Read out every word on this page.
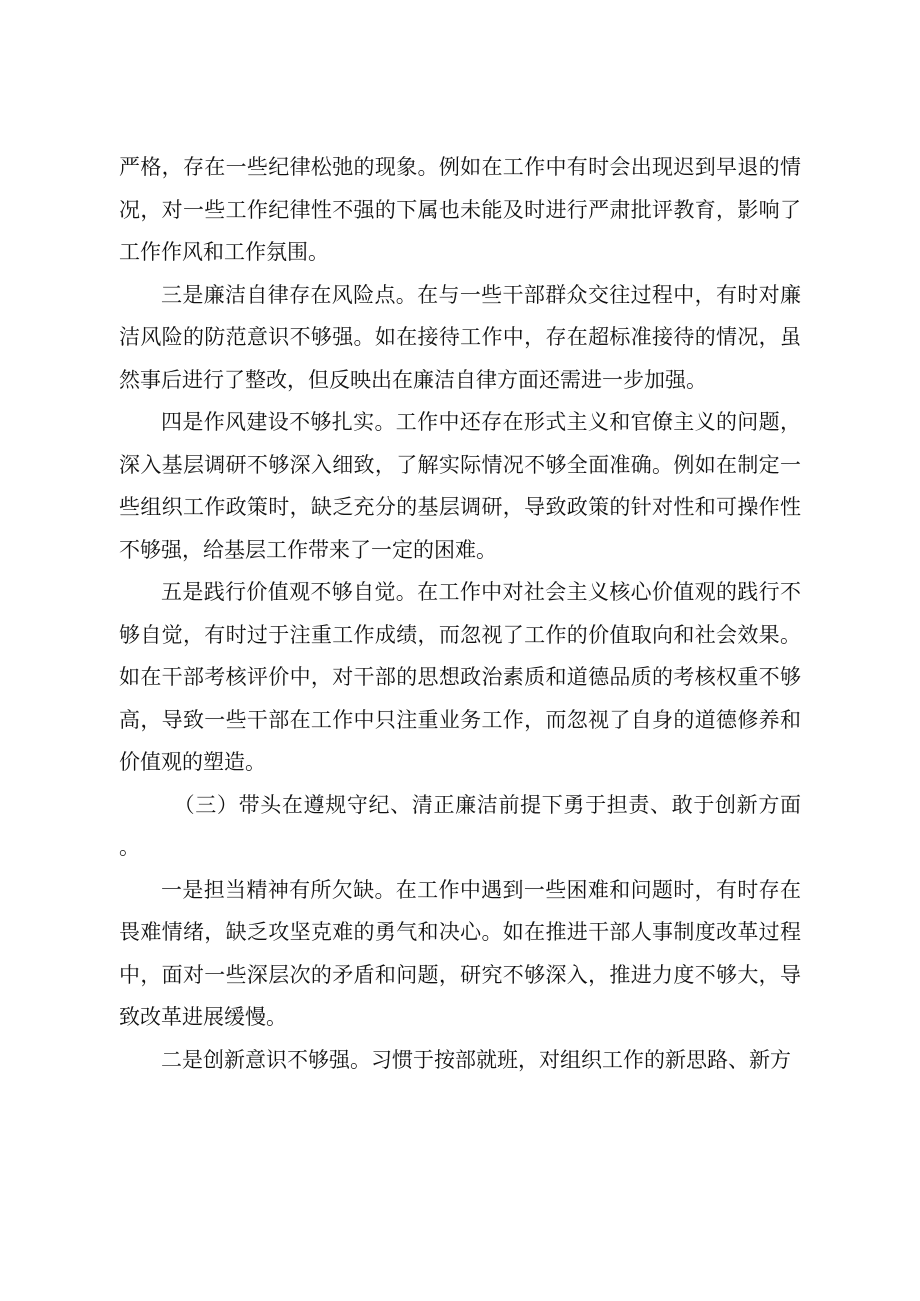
严格，存在一些纪律松弛的现象。例如在工作中有时会出现迟到早退的情况，对一些工作纪律性不强的下属也未能及时进行严肃批评教育，影响了工作作风和工作氛围。

三是廉洁自律存在风险点。在与一些干部群众交往过程中，有时对廉洁风险的防范意识不够强。如在接待工作中，存在超标准接待的情况，虽然事后进行了整改，但反映出在廉洁自律方面还需进一步加强。

四是作风建设不够扎实。工作中还存在形式主义和官僚主义的问题，深入基层调研不够深入细致，了解实际情况不够全面准确。例如在制定一些组织工作政策时，缺乏充分的基层调研，导致政策的针对性和可操作性不够强，给基层工作带来了一定的困难。

五是践行价值观不够自觉。在工作中对社会主义核心价值观的践行不够自觉，有时过于注重工作成绩，而忽视了工作的价值取向和社会效果。如在干部考核评价中，对干部的思想政治素质和道德品质的考核权重不够高，导致一些干部在工作中只注重业务工作，而忽视了自身的道德修养和价值观的塑造。

（三）带头在遵规守纪、清正廉洁前提下勇于担责、敢于创新方面。

一是担当精神有所欠缺。在工作中遇到一些困难和问题时，有时存在畏难情绪，缺乏攻坚克难的勇气和决心。如在推进干部人事制度改革过程中，面对一些深层次的矛盾和问题，研究不够深入，推进力度不够大，导致改革进展缓慢。

二是创新意识不够强。习惯于按部就班，对组织工作的新思路、新方
